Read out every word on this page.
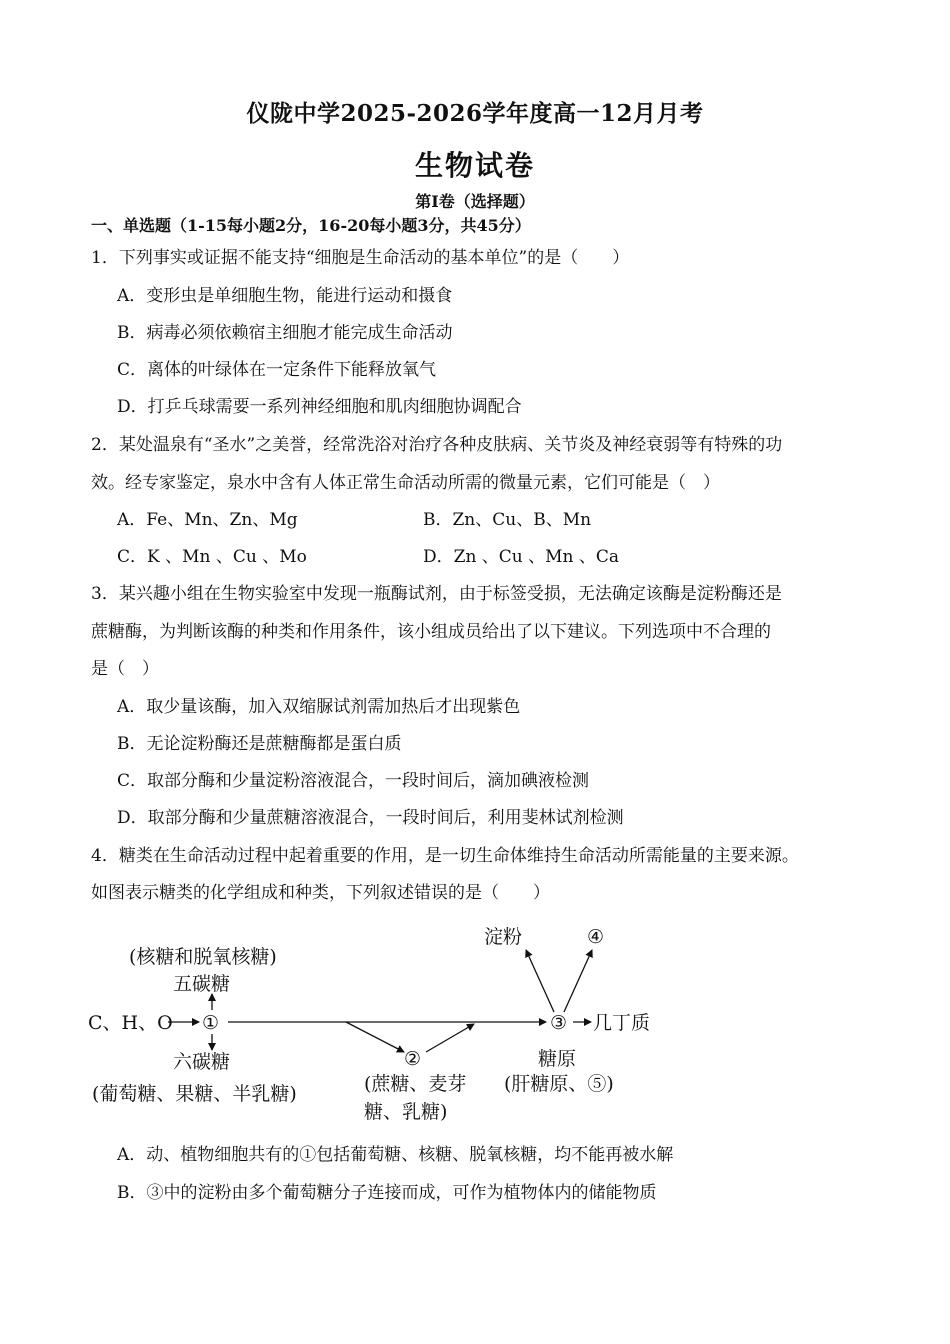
仪陇中学2025-2026学年度高一12月月考
生物试卷
第Ⅰ卷（选择题）
一、单选题（1-15每小题2分，16-20每小题3分，共45分）
1．下列事实或证据不能支持“细胞是生命活动的基本单位”的是（　　）
A．变形虫是单细胞生物，能进行运动和摄食
B．病毒必须依赖宿主细胞才能完成生命活动
C．离体的叶绿体在一定条件下能释放氧气
D．打乒乓球需要一系列神经细胞和肌肉细胞协调配合
2．某处温泉有“圣水”之美誉，经常洗浴对治疗各种皮肤病、关节炎及神经衰弱等有特殊的功
效。经专家鉴定，泉水中含有人体正常生命活动所需的微量元素，它们可能是（　）
A．Fe、Mn、Zn、Mg	B．Zn、Cu、B、Mn
C．K 、Mn 、Cu 、Mo	D．Zn 、Cu 、Mn 、Ca
3．某兴趣小组在生物实验室中发现一瓶酶试剂，由于标签受损，无法确定该酶是淀粉酶还是
蔗糖酶，为判断该酶的种类和作用条件，该小组成员给出了以下建议。下列选项中不合理的
是（　）
A．取少量该酶，加入双缩脲试剂需加热后才出现紫色
B．无论淀粉酶还是蔗糖酶都是蛋白质
C．取部分酶和少量淀粉溶液混合，一段时间后，滴加碘液检测
D．取部分酶和少量蔗糖溶液混合，一段时间后，利用斐林试剂检测
4．糖类在生命活动过程中起着重要的作用，是一切生命体维持生命活动所需能量的主要来源。
如图表示糖类的化学组成和种类，下列叙述错误的是（　　）
C、H、O ①
(核糖和脱氧核糖)
五碳糖
六碳糖
(葡萄糖、果糖、半乳糖)
②
(蔗糖、麦芽
糖、乳糖)
③
淀粉	④
几丁质
糖原
(肝糖原、⑤)
A．动、植物细胞共有的①包括葡萄糖、核糖、脱氧核糖，均不能再被水解
B．③中的淀粉由多个葡萄糖分子连接而成，可作为植物体内的储能物质
